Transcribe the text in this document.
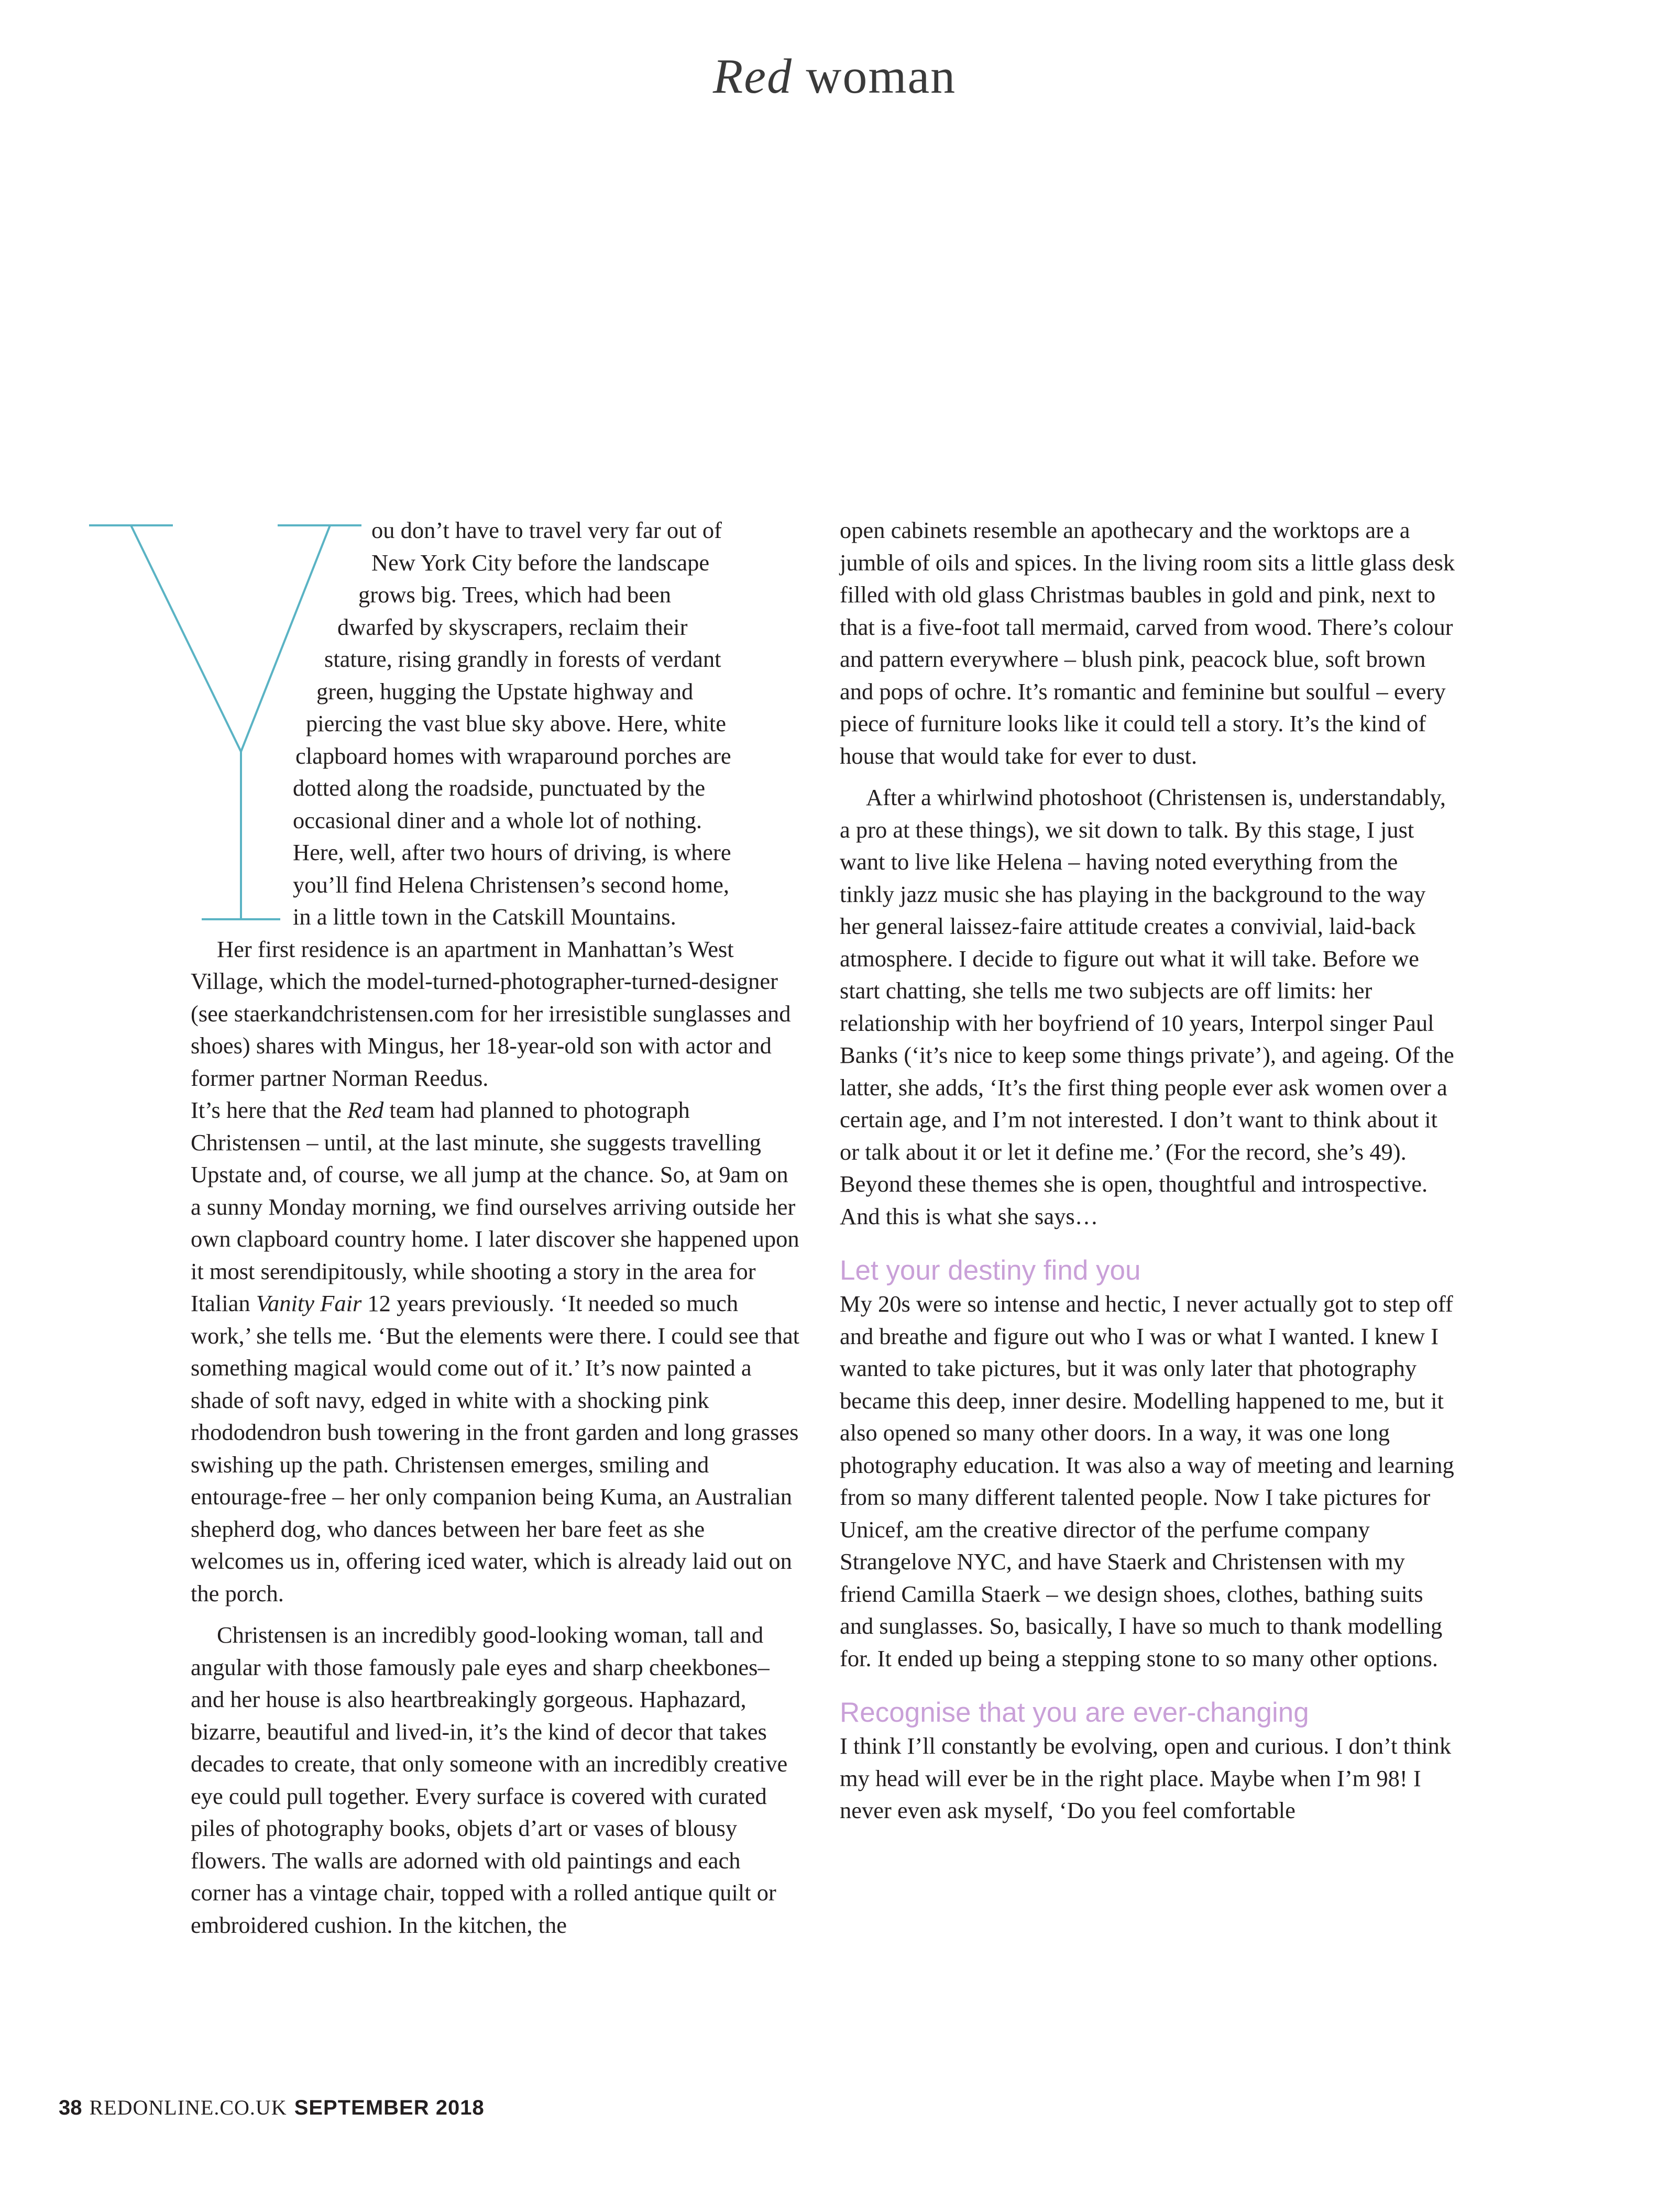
Red woman
Y	ou don’t have to travel very far out of
New York City before the landscape
grows big. Trees, which had been
dwarfed by skyscrapers, reclaim their
stature, rising grandly in forests of verdant
green, hugging the Upstate highway and
piercing the vast blue sky above. Here, white
clapboard homes with wraparound porches are
dotted along the roadside, punctuated by the
occasional diner and a whole lot of nothing.
Here, well, after two hours of driving, is where
you’ll find Helena Christensen’s second home,
in a little town in the Catskill Mountains.

Her first residence is an apartment in Manhattan’s West Village, which the model-turned-photographer-turned-designer (see staerkandchristensen.com for her irresistible sunglasses and shoes) shares with Mingus, her 18-year-old son with actor and former partner Norman Reedus.

It’s here that the Red team had planned to photograph Christensen – until, at the last minute, she suggests travelling Upstate and, of course, we all jump at the chance. So, at 9am on a sunny Monday morning, we find ourselves arriving outside her own clapboard country home. I later discover she happened upon it most serendipitously, while shooting a story in the area for Italian Vanity Fair 12 years previously. ‘It needed so much work,’ she tells me. ‘But the elements were there. I could see that something magical would come out of it.’ It’s now painted a shade of soft navy, edged in white with a shocking pink rhododendron bush towering in the front garden and long grasses swishing up the path. Christensen emerges, smiling and entourage-free – her only companion being Kuma, an Australian shepherd dog, who dances between her bare feet as she welcomes us in, offering iced water, which is already laid out on the porch.

Christensen is an incredibly good-looking woman, tall and angular with those famously pale eyes and sharp cheekbones– and her house is also heartbreakingly gorgeous. Haphazard, bizarre, beautiful and lived-in, it’s the kind of decor that takes decades to create, that only someone with an incredibly creative eye could pull together. Every surface is covered with curated piles of photography books, objets d’art or vases of blousy flowers. The walls are adorned with old paintings and each corner has a vintage chair, topped with a rolled antique quilt or embroidered cushion. In the kitchen, the

open cabinets resemble an apothecary and the worktops are a jumble of oils and spices. In the living room sits a little glass desk filled with old glass Christmas baubles in gold and pink, next to that is a five-foot tall mermaid, carved from wood. There’s colour and pattern everywhere – blush pink, peacock blue, soft brown and pops of ochre. It’s romantic and feminine but soulful – every piece of furniture looks like it could tell a story. It’s the kind of house that would take for ever to dust.

After a whirlwind photoshoot (Christensen is, understandably, a pro at these things), we sit down to talk. By this stage, I just want to live like Helena – having noted everything from the tinkly jazz music she has playing in the background to the way her general laissez-faire attitude creates a convivial, laid-back atmosphere. I decide to figure out what it will take. Before we start chatting, she tells me two subjects are off limits: her relationship with her boyfriend of 10 years, Interpol singer Paul Banks (‘it’s nice to keep some things private’), and ageing. Of the latter, she adds, ‘It’s the first thing people ever ask women over a certain age, and I’m not interested. I don’t want to think about it or talk about it or let it define me.’ (For the record, she’s 49). Beyond these themes she is open, thoughtful and introspective. And this is what she says…

Let your destiny find you

My 20s were so intense and hectic, I never actually got to step off and breathe and figure out who I was or what I wanted. I knew I wanted to take pictures, but it was only later that photography became this deep, inner desire. Modelling happened to me, but it also opened so many other doors. In a way, it was one long photography education. It was also a way of meeting and learning from so many different talented people. Now I take pictures for Unicef, am the creative director of the perfume company Strangelove NYC, and have Staerk and Christensen with my friend Camilla Staerk – we design shoes, clothes, bathing suits and sunglasses. So, basically, I have so much to thank modelling for. It ended up being a stepping stone to so many other options.

Recognise that you are ever-changing

I think I’ll constantly be evolving, open and curious. I don’t think my head will ever be in the right place. Maybe when I’m 98! I never even ask myself, ‘Do you feel comfortable

38 REDONLINE.CO.UK SEPTEMBER 2018
